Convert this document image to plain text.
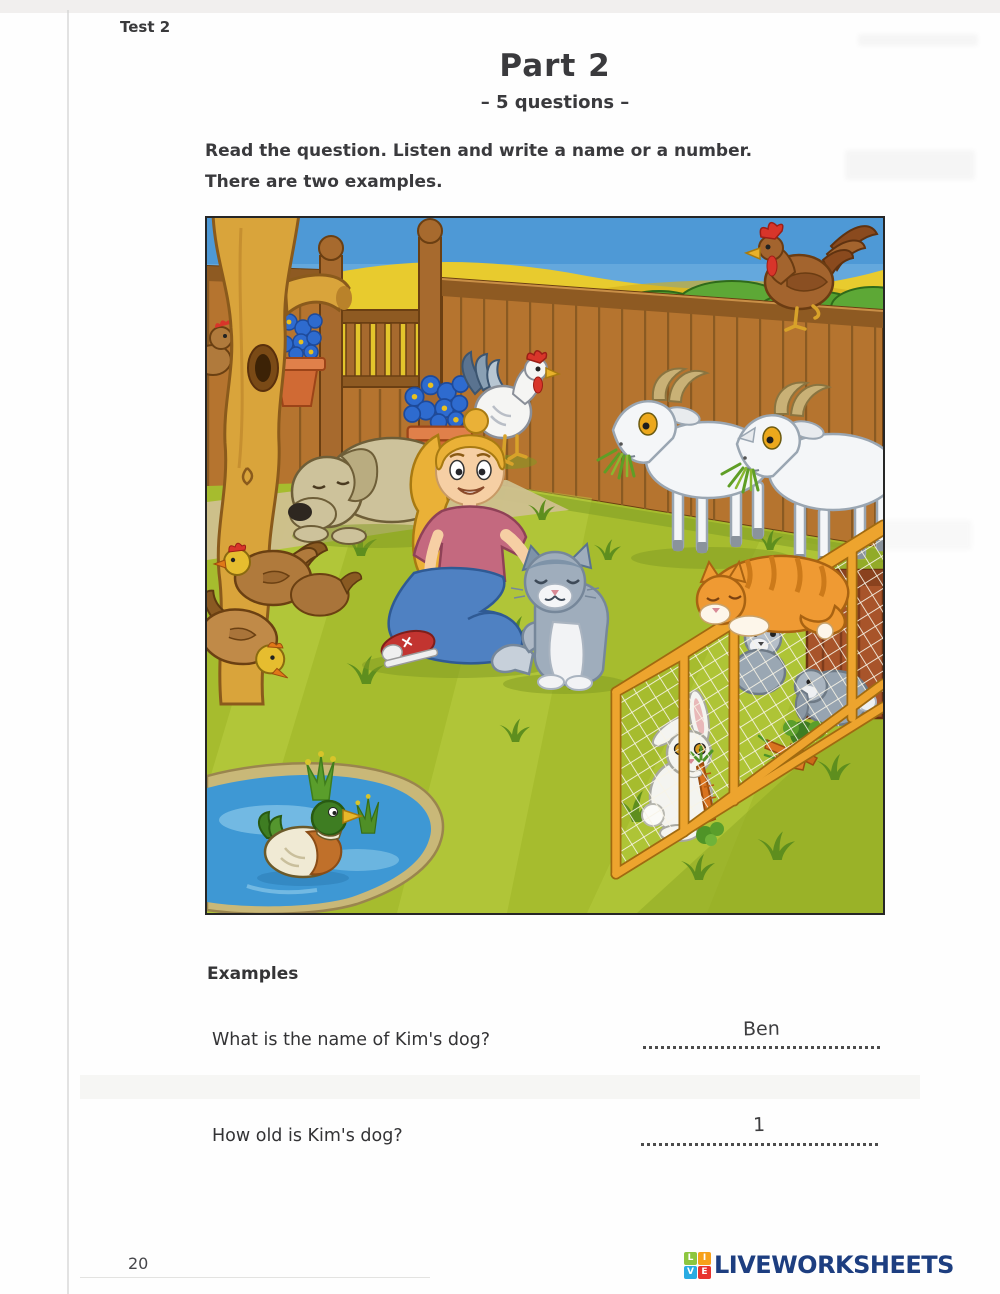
Test 2
Part 2
– 5 questions –
Read the question. Listen and write a name or a number.
There are two examples.
Examples
What is the name of Kim's dog?	Ben
How old is Kim's dog?	1
20	L	I
V E LIVEWORKSHEETS
